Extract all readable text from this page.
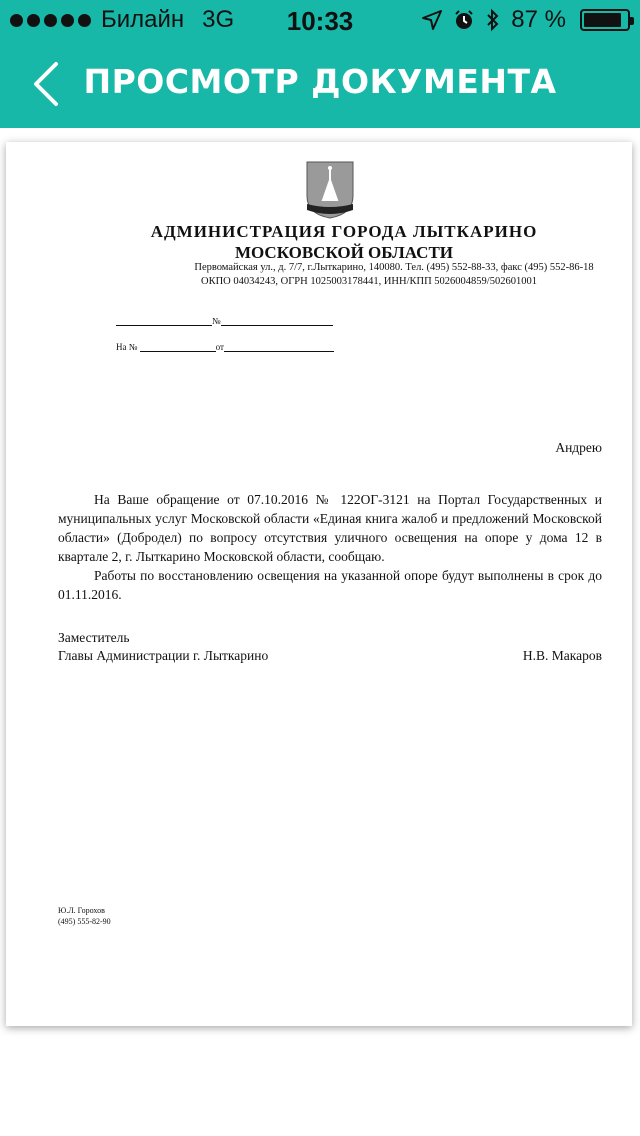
Билайн 3G	10:33	87 %
ПРОСМОТР ДОКУМЕНТА
АДМИНИСТРАЦИЯ ГОРОДА ЛЫТКАРИНО
МОСКОВСКОЙ ОБЛАСТИ
Первомайская ул., д. 7/7, г.Лыткарино, 140080. Тел. (495) 552-88-33, факс (495) 552-86-18
ОКПО 04034243, ОГРН 1025003178441, ИНН/КПП 5026004859/502601001
№
На №	от
Андрею

На Ваше обращение от 07.10.2016 № 122ОГ-3121 на Портал Государственных и муниципальных услуг Московской области «Единая книга жалоб и предложений Московской области» (Добродел) по вопросу отсутствия уличного освещения на опоре у дома 12 в квартале 2, г. Лыткарино Московской области, сообщаю.

Работы по восстановлению освещения на указанной опоре будут выполнены в срок до 01.11.2016.

Заместитель
Главы Администрации г. Лыткарино	Н.В. Макаров
Ю.Л. Горохов
(495) 555-82-90
